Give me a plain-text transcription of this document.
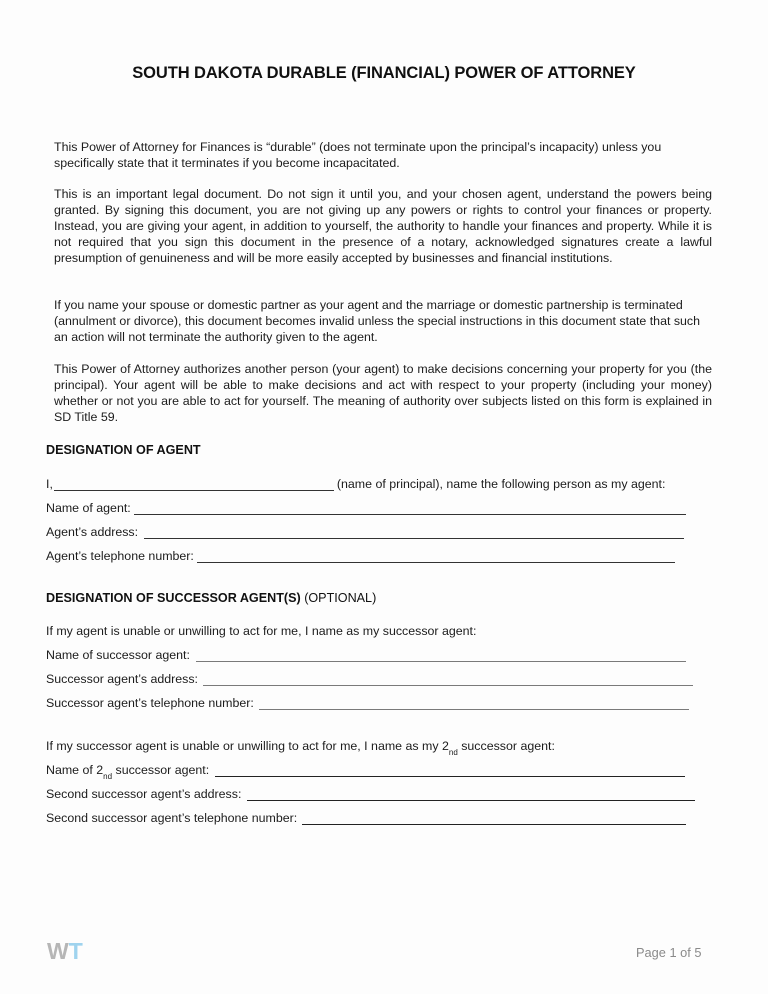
SOUTH DAKOTA DURABLE (FINANCIAL) POWER OF ATTORNEY

This Power of Attorney for Finances is “durable” (does not terminate upon the principal’s incapacity) unless you specifically state that it terminates if you become incapacitated.

This is an important legal document. Do not sign it until you, and your chosen agent, understand the powers being granted. By signing this document, you are not giving up any powers or rights to control your finances or property. Instead, you are giving your agent, in addition to yourself, the authority to handle your finances and property. While it is not required that you sign this document in the presence of a notary, acknowledged signatures create a lawful presumption of genuineness and will be more easily accepted by businesses and financial institutions.

If you name your spouse or domestic partner as your agent and the marriage or domestic partnership is terminated (annulment or divorce), this document becomes invalid unless the special instructions in this document state that such an action will not terminate the authority given to the agent.

This Power of Attorney authorizes another person (your agent) to make decisions concerning your property for you (the principal). Your agent will be able to make decisions and act with respect to your property (including your money) whether or not you are able to act for yourself. The meaning of authority over subjects listed on this form is explained in SD Title 59.

DESIGNATION OF AGENT
I,	(name of principal), name the following person as my agent:
Name of agent:
Agent’s address:
Agent’s telephone number:
DESIGNATION OF SUCCESSOR AGENT(S) (OPTIONAL)
If my agent is unable or unwilling to act for me, I name as my successor agent:
Name of successor agent:
Successor agent’s address:
Successor agent’s telephone number:
If my successor agent is unable or unwilling to act for me, I name as my 2 nd successor agent:
Name of 2 nd successor agent:
Second successor agent’s address:
Second successor agent’s telephone number:
WT	Page 1 of 5
